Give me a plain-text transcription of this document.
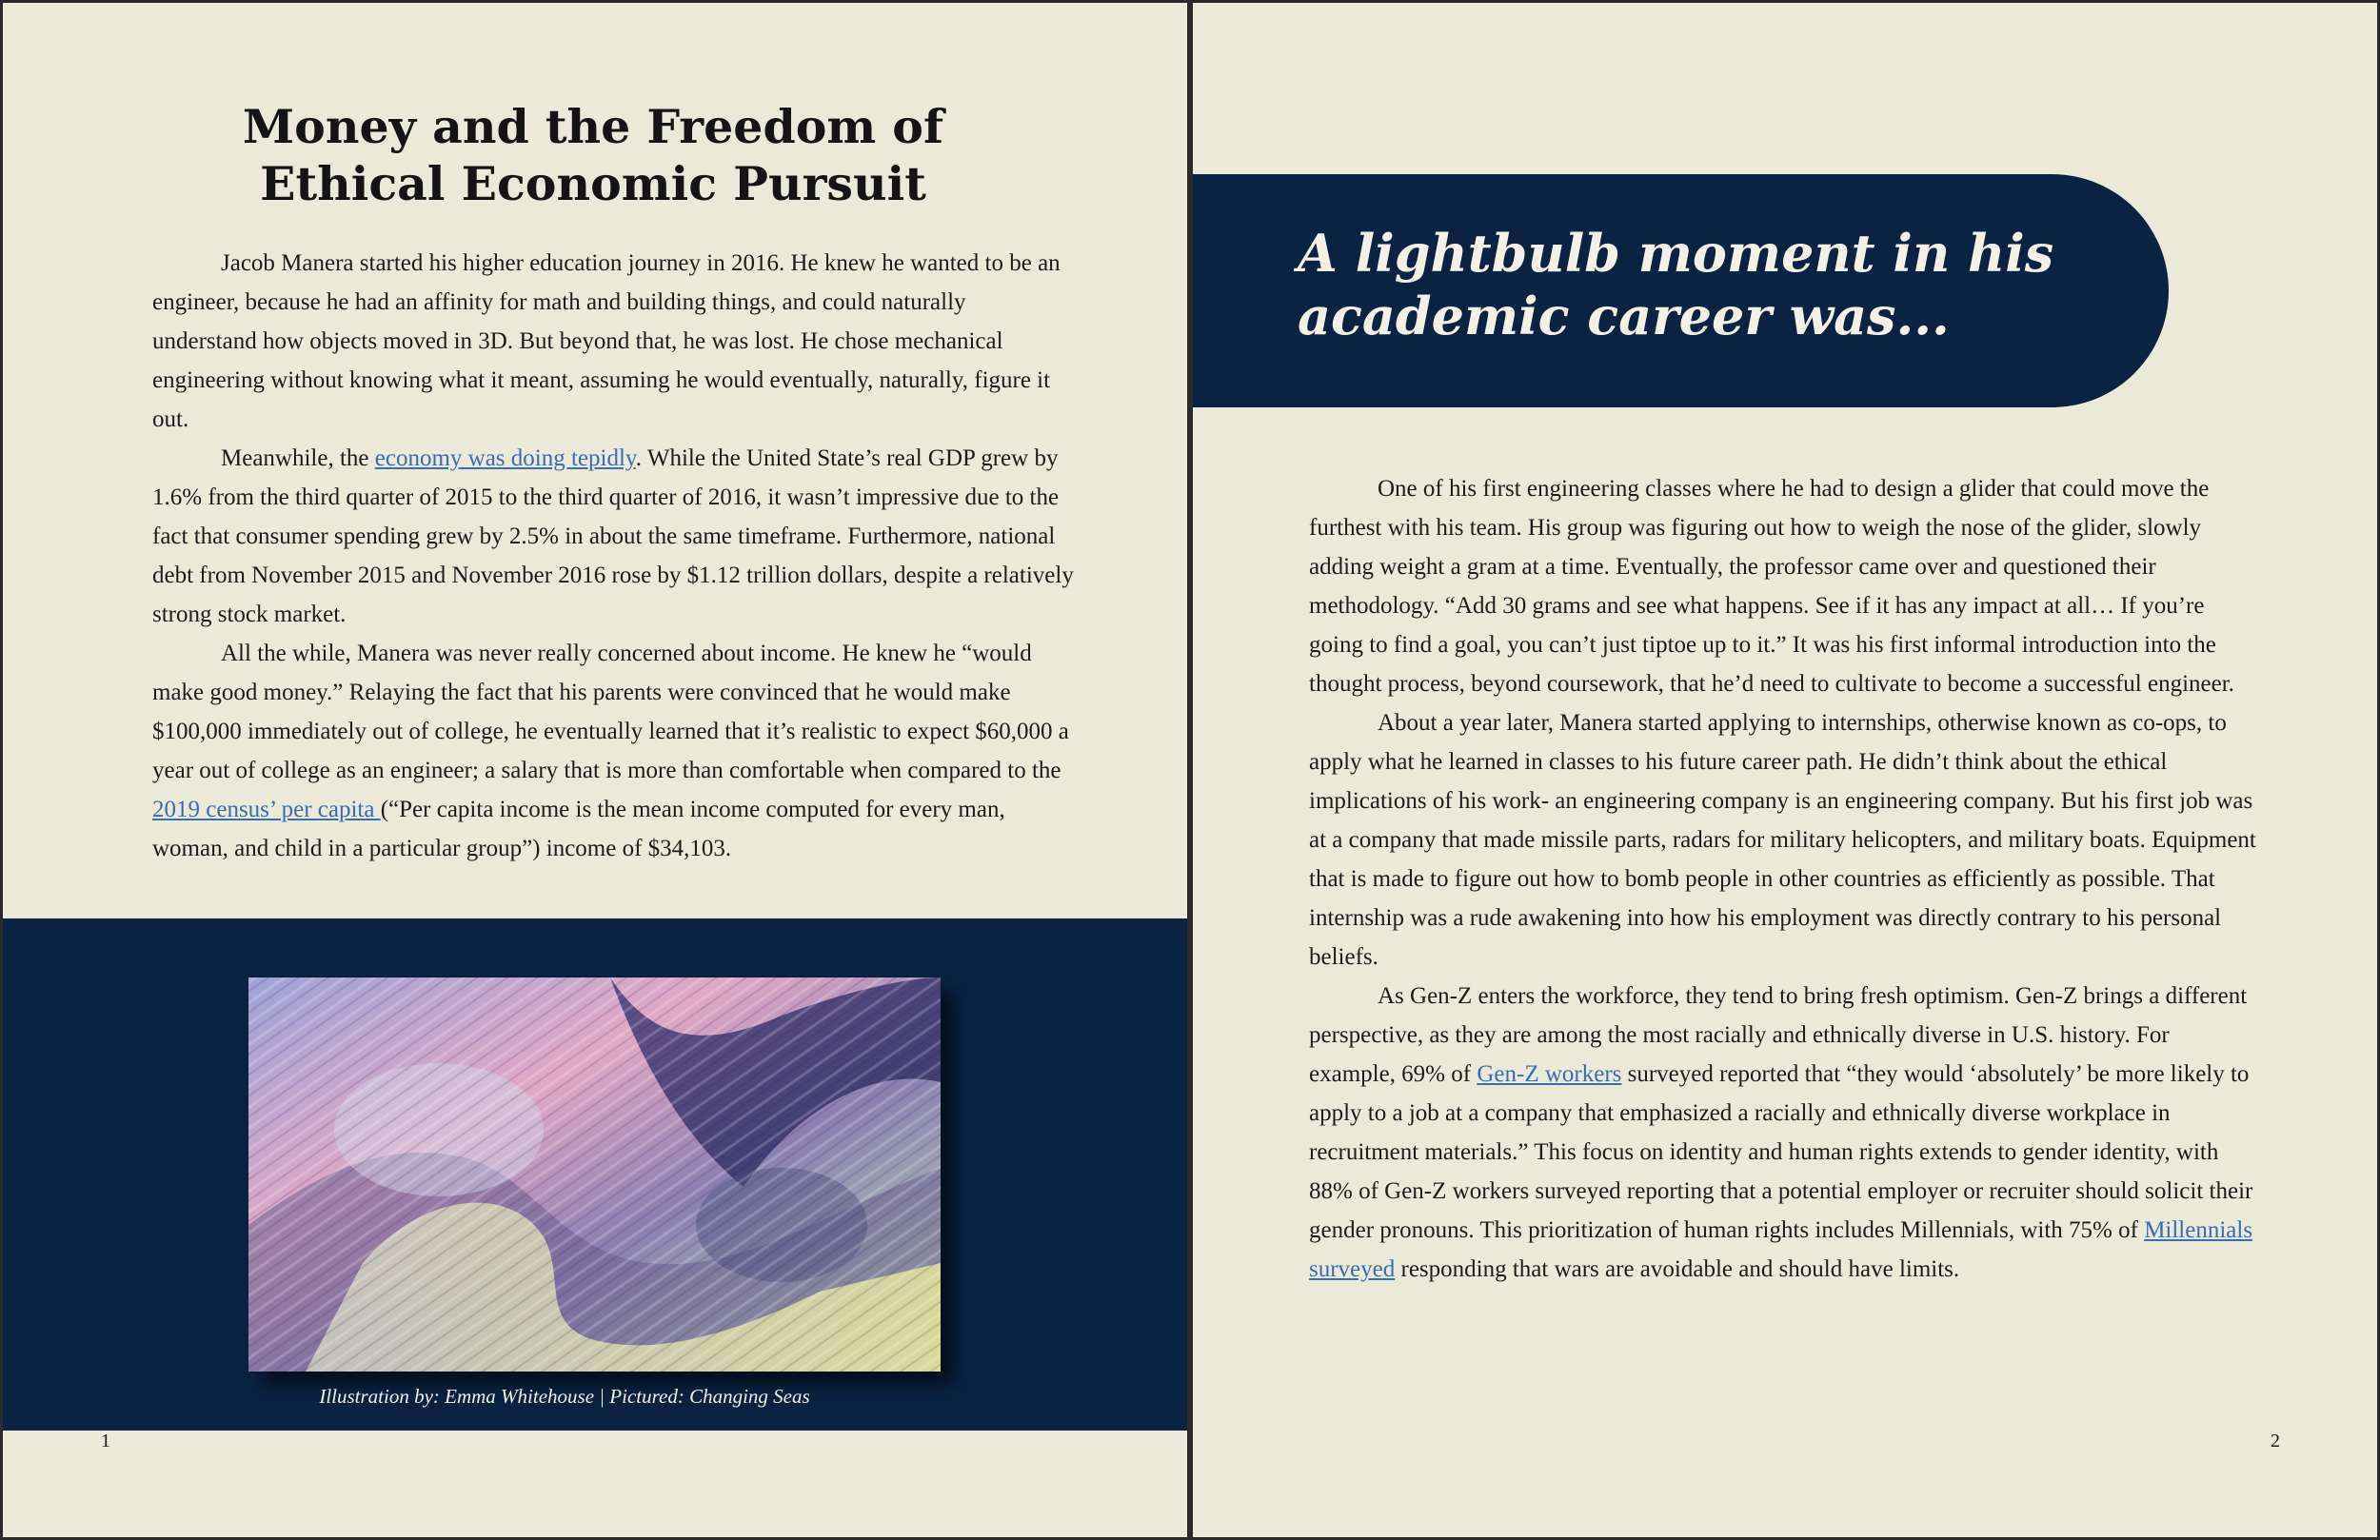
Money and the Freedom of Ethical Economic Pursuit

Jacob Manera started his higher education journey in 2016. He knew he wanted to be an engineer, because he had an affinity for math and building things, and could naturally understand how objects moved in 3D. But beyond that, he was lost. He chose mechanical engineering without knowing what it meant, assuming he would eventually, naturally, figure it out.

Meanwhile, the economy was doing tepidly. While the United State’s real GDP grew by 1.6% from the third quarter of 2015 to the third quarter of 2016, it wasn’t impressive due to the fact that consumer spending grew by 2.5% in about the same timeframe. Furthermore, national debt from November 2015 and November 2016 rose by $1.12 trillion dollars, despite a relatively strong stock market.

All the while, Manera was never really concerned about income. He knew he “would make good money.” Relaying the fact that his parents were convinced that he would make $100,000 immediately out of college, he eventually learned that it’s realistic to expect $60,000 a year out of college as an engineer; a salary that is more than comfortable when compared to the 2019 census’ per capita (“Per capita income is the mean income computed for every man, woman, and child in a particular group”) income of $34,103.

Illustration by: Emma Whitehouse | Pictured: Changing Seas
1

A lightbulb moment in his academic career was...

One of his first engineering classes where he had to design a glider that could move the furthest with his team. His group was figuring out how to weigh the nose of the glider, slowly adding weight a gram at a time. Eventually, the professor came over and questioned their methodology. “Add 30 grams and see what happens. See if it has any impact at all… If you’re going to find a goal, you can’t just tiptoe up to it.” It was his first informal introduction into the thought process, beyond coursework, that he’d need to cultivate to become a successful engineer.

About a year later, Manera started applying to internships, otherwise known as co-ops, to apply what he learned in classes to his future career path. He didn’t think about the ethical implications of his work- an engineering company is an engineering company. But his first job was at a company that made missile parts, radars for military helicopters, and military boats. Equipment that is made to figure out how to bomb people in other countries as efficiently as possible. That internship was a rude awakening into how his employment was directly contrary to his personal beliefs.

As Gen-Z enters the workforce, they tend to bring fresh optimism. Gen-Z brings a different perspective, as they are among the most racially and ethnically diverse in U.S. history. For example, 69% of Gen-Z workers surveyed reported that “they would ‘absolutely’ be more likely to apply to a job at a company that emphasized a racially and ethnically diverse workplace in recruitment materials.” This focus on identity and human rights extends to gender identity, with 88% of Gen-Z workers surveyed reporting that a potential employer or recruiter should solicit their gender pronouns. This prioritization of human rights includes Millennials, with 75% of Millennials surveyed responding that wars are avoidable and should have limits.

2
